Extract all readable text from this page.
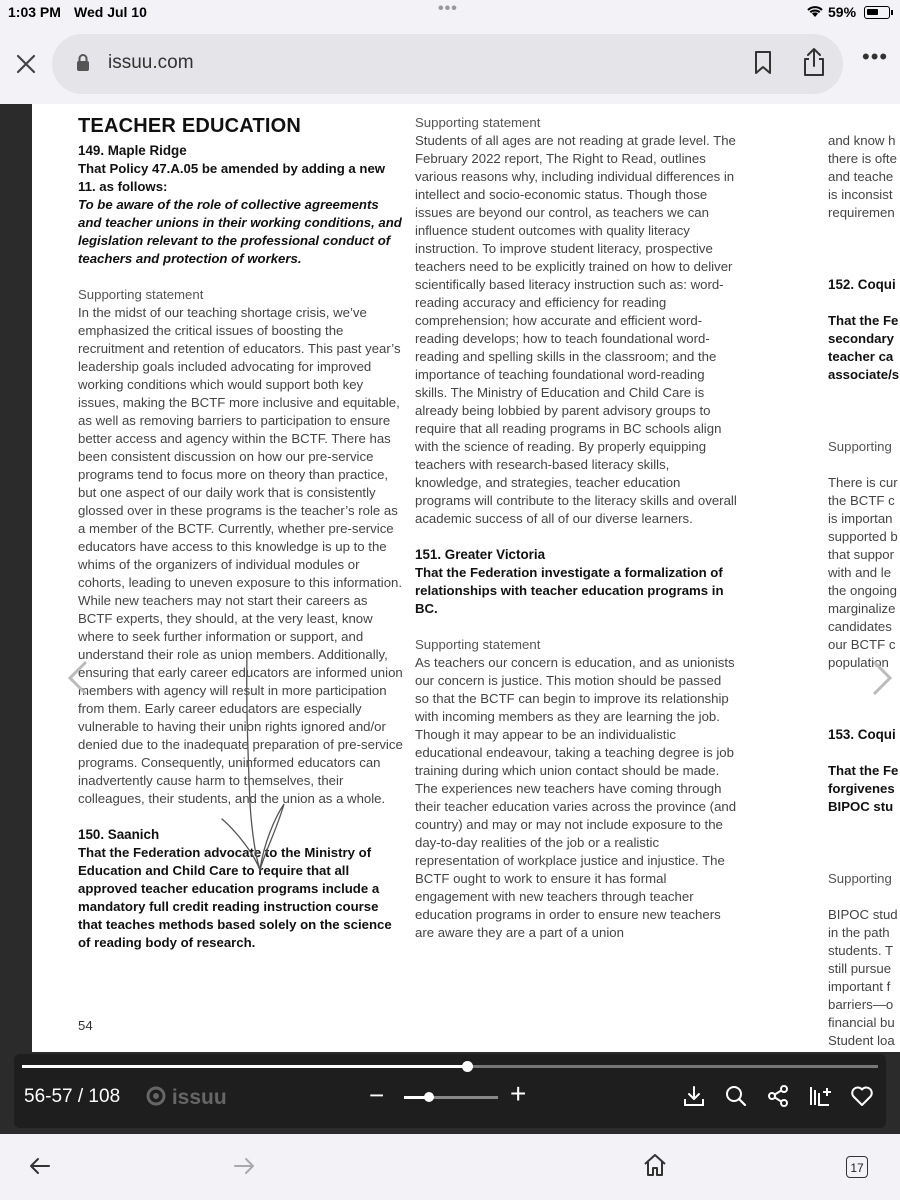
1:03 PM Wed Jul 10	•••	59%
issuu.com	•••
TEACHER EDUCATION
149. Maple Ridge
That Policy 47.A.05 be amended by adding a new 11. as follows:
To be aware of the role of collective agreements and teacher unions in their working conditions, and legislation relevant to the professional conduct of teachers and protection of workers.
Supporting statement
In the midst of our teaching shortage crisis, we’ve emphasized the critical issues of boosting the recruitment and retention of educators. This past year’s leadership goals included advocating for improved working conditions which would support both key issues, making the BCTF more inclusive and equitable, as well as removing barriers to participation to ensure better access and agency within the BCTF. There has been consistent discussion on how our pre-service programs tend to focus more on theory than practice, but one aspect of our daily work that is consistently glossed over in these programs is the teacher’s role as a member of the BCTF. Currently, whether pre-service educators have access to this knowledge is up to the whims of the organizers of individual modules or cohorts, leading to uneven exposure to this information. While new teachers may not start their careers as BCTF experts, they should, at the very least, know where to seek further information or support, and understand their role as union members. Additionally, ensuring that early career educators are informed union members with agency will result in more participation from them. Early career educators are especially vulnerable to having their union rights ignored and/or denied due to the inadequate preparation of pre-service programs. Consequently, uninformed educators can inadvertently cause harm to themselves, their colleagues, their students, and the union as a whole.
150. Saanich
That the Federation advocate to the Ministry of Education and Child Care to require that all approved teacher education programs include a mandatory full credit reading instruction course that teaches methods based solely on the science of reading body of research.
Supporting statement
Students of all ages are not reading at grade level. The February 2022 report, The Right to Read, outlines various reasons why, including individual differences in intellect and socio-economic status. Though those issues are beyond our control, as teachers we can influence student outcomes with quality literacy instruction. To improve student literacy, prospective teachers need to be explicitly trained on how to deliver scientifically based literacy instruction such as: word-reading accuracy and efficiency for reading comprehension; how accurate and efficient word-reading develops; how to teach foundational word-reading and spelling skills in the classroom; and the importance of teaching foundational word-reading skills. The Ministry of Education and Child Care is already being lobbied by parent advisory groups to require that all reading programs in BC schools align with the science of reading. By properly equipping teachers with research-based literacy skills, knowledge, and strategies, teacher education programs will contribute to the literacy skills and overall academic success of all of our diverse learners.
151. Greater Victoria
That the Federation investigate a formalization of relationships with teacher education programs in BC.
Supporting statement
As teachers our concern is education, and as unionists our concern is justice. This motion should be passed so that the BCTF can begin to improve its relationship with incoming members as they are learning the job. Though it may appear to be an individualistic educational endeavour, taking a teaching degree is job training during which union contact should be made. The experiences new teachers have coming through their teacher education varies across the province (and country) and may or may not include exposure to the day-to-day realities of the job or a realistic representation of workplace justice and injustice. The BCTF ought to work to ensure it has formal engagement with new teachers through teacher education programs in order to ensure new teachers are aware they are a part of a union

and know h
there is ofte
and teache
is inconsist
requiremen

152. Coqui

That the Fe
secondary
teacher ca
associate/s

Supporting

There is cur
the BCTF c
is importan
supported b
that suppor
with and le
the ongoing
marginalize
candidates
our BCTF c
population

153. Coqui

That the Fe
forgivenes
BIPOC stu

Supporting

BIPOC stud
in the path
students. T
still pursue
important f
barriers—o
financial bu
Student loa

54
56-57 / 108	issuu	−	+
17
